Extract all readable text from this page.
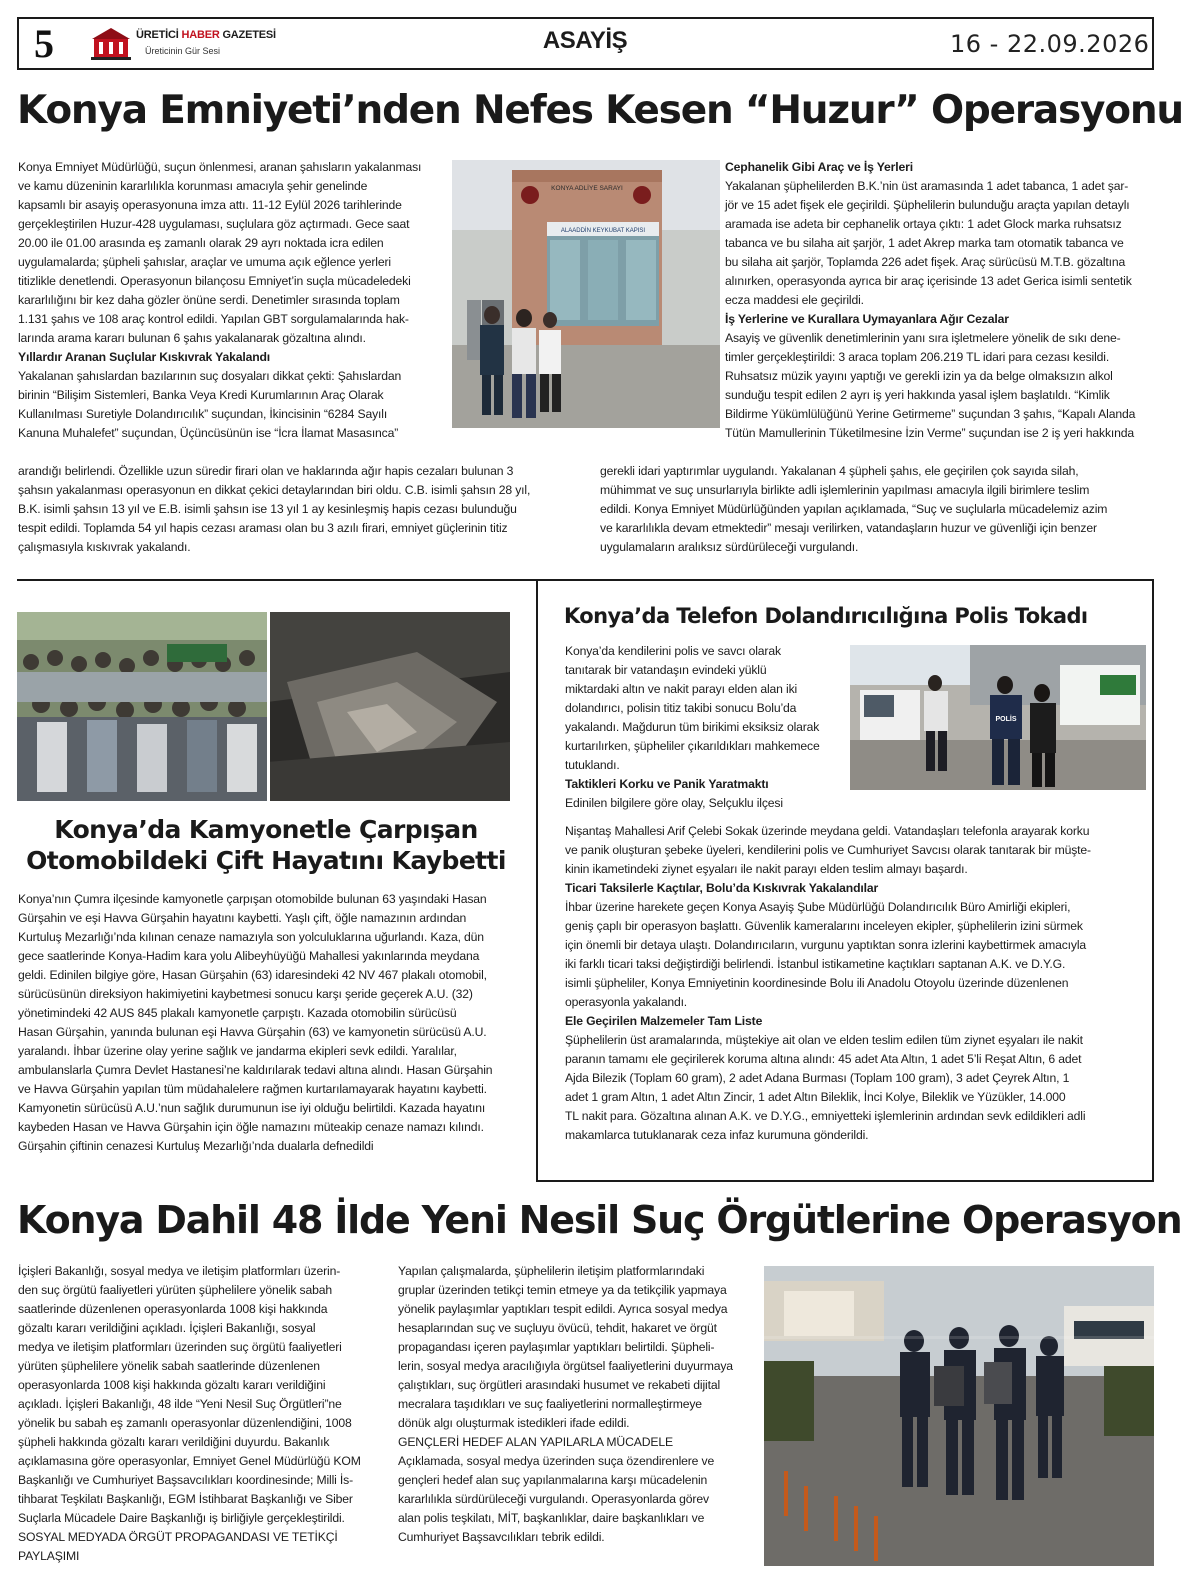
5	ÜRETİCİ HABER GAZETESİ
Üreticinin Gür Sesi	ASAYİŞ	16 - 22.09.2026
Konya Emniyeti’nden Nefes Kesen “Huzur” Operasyonu

Konya Emniyet Müdürlüğü, suçun önlenmesi, aranan şahısların yakalanması

ve kamu düzeninin kararlılıkla korunması amacıyla şehir genelinde

kapsamlı bir asayiş operasyonuna imza attı. 11-12 Eylül 2026 tarihlerinde

gerçekleştirilen Huzur-428 uygulaması, suçlulara göz açtırmadı. Gece saat

20.00 ile 01.00 arasında eş zamanlı olarak 29 ayrı noktada icra edilen

uygulamalarda; şüpheli şahıslar, araçlar ve umuma açık eğlence yerleri

titizlikle denetlendi. Operasyonun bilançosu Emniyet’in suçla mücadeledeki

kararlılığını bir kez daha gözler önüne serdi. Denetimler sırasında toplam

1.131 şahıs ve 108 araç kontrol edildi. Yapılan GBT sorgulamalarında hak-

larında arama kararı bulunan 6 şahıs yakalanarak gözaltına alındı.

Yıllardır Aranan Suçlular Kıskıvrak Yakalandı

Yakalanan şahıslardan bazılarının suç dosyaları dikkat çekti: Şahıslardan

birinin “Bilişim Sistemleri, Banka Veya Kredi Kurumlarının Araç Olarak

Kullanılması Suretiyle Dolandırıcılık” suçundan, İkincisinin “6284 Sayılı

Kanuna Muhalefet” suçundan, Üçüncüsünün ise “İcra İlamat Masasınca”

arandığı belirlendi. Özellikle uzun süredir firari olan ve haklarında ağır hapis cezaları bulunan 3

şahsın yakalanması operasyonun en dikkat çekici detaylarından biri oldu. C.B. isimli şahsın 28 yıl,

B.K. isimli şahsın 13 yıl ve E.B. isimli şahsın ise 13 yıl 1 ay kesinleşmiş hapis cezası bulunduğu

tespit edildi. Toplamda 54 yıl hapis cezası araması olan bu 3 azılı firari, emniyet güçlerinin titiz

çalışmasıyla kıskıvrak yakalandı.

KONYA ADLİYE SARAYI
ALAADDİN KEYKUBAT KAPISI
Cephanelik Gibi Araç ve İş Yerleri

Yakalanan şüphelilerden B.K.’nin üst aramasında 1 adet tabanca, 1 adet şar-

jör ve 15 adet fişek ele geçirildi. Şüphelilerin bulunduğu araçta yapılan detaylı

aramada ise adeta bir cephanelik ortaya çıktı: 1 adet Glock marka ruhsatsız

tabanca ve bu silaha ait şarjör, 1 adet Akrep marka tam otomatik tabanca ve

bu silaha ait şarjör, Toplamda 226 adet fişek. Araç sürücüsü M.T.B. gözaltına

alınırken, operasyonda ayrıca bir araç içerisinde 13 adet Gerica isimli sentetik

ecza maddesi ele geçirildi.

İş Yerlerine ve Kurallara Uymayanlara Ağır Cezalar

Asayiş ve güvenlik denetimlerinin yanı sıra işletmelere yönelik de sıkı dene-

timler gerçekleştirildi: 3 araca toplam 206.219 TL idari para cezası kesildi.

Ruhsatsız müzik yayını yaptığı ve gerekli izin ya da belge olmaksızın alkol

sunduğu tespit edilen 2 ayrı iş yeri hakkında yasal işlem başlatıldı. “Kimlik

Bildirme Yükümlülüğünü Yerine Getirmeme” suçundan 3 şahıs, “Kapalı Alanda

Tütün Mamullerinin Tüketilmesine İzin Verme” suçundan ise 2 iş yeri hakkında

gerekli idari yaptırımlar uygulandı. Yakalanan 4 şüpheli şahıs, ele geçirilen çok sayıda silah,

mühimmat ve suç unsurlarıyla birlikte adli işlemlerinin yapılması amacıyla ilgili birimlere teslim

edildi. Konya Emniyet Müdürlüğünden yapılan açıklamada, “Suç ve suçlularla mücadelemiz azim

ve kararlılıkla devam etmektedir” mesajı verilirken, vatandaşların huzur ve güvenliği için benzer

uygulamaların aralıksız sürdürüleceği vurgulandı.

Konya’da Kamyonetle Çarpışan
Otomobildeki Çift Hayatını Kaybetti

Konya’nın Çumra ilçesinde kamyonetle çarpışan otomobilde bulunan 63 yaşındaki Hasan

Gürşahin ve eşi Havva Gürşahin hayatını kaybetti. Yaşlı çift, öğle namazının ardından

Kurtuluş Mezarlığı’nda kılınan cenaze namazıyla son yolculuklarına uğurlandı. Kaza, dün

gece saatlerinde Konya-Hadim kara yolu Alibeyhüyüğü Mahallesi yakınlarında meydana

geldi. Edinilen bilgiye göre, Hasan Gürşahin (63) idaresindeki 42 NV 467 plakalı otomobil,

sürücüsünün direksiyon hakimiyetini kaybetmesi sonucu karşı şeride geçerek A.U. (32)

yönetimindeki 42 AUS 845 plakalı kamyonetle çarpıştı. Kazada otomobilin sürücüsü

Hasan Gürşahin, yanında bulunan eşi Havva Gürşahin (63) ve kamyonetin sürücüsü A.U.

yaralandı. İhbar üzerine olay yerine sağlık ve jandarma ekipleri sevk edildi. Yaralılar,

ambulanslarla Çumra Devlet Hastanesi’ne kaldırılarak tedavi altına alındı. Hasan Gürşahin

ve Havva Gürşahin yapılan tüm müdahalelere rağmen kurtarılamayarak hayatını kaybetti.

Kamyonetin sürücüsü A.U.’nun sağlık durumunun ise iyi olduğu belirtildi. Kazada hayatını

kaybeden Hasan ve Havva Gürşahin için öğle namazını müteakip cenaze namazı kılındı.

Gürşahin çiftinin cenazesi Kurtuluş Mezarlığı’nda dualarla defnedildi

Konya’da Telefon Dolandırıcılığına Polis Tokadı
POLİS

Konya’da kendilerini polis ve savcı olarak

tanıtarak bir vatandaşın evindeki yüklü

miktardaki altın ve nakit parayı elden alan iki

dolandırıcı, polisin titiz takibi sonucu Bolu’da

yakalandı. Mağdurun tüm birikimi eksiksiz olarak

kurtarılırken, şüpheliler çıkarıldıkları mahkemece

tutuklandı.

Taktikleri Korku ve Panik Yaratmaktı

Edinilen bilgilere göre olay, Selçuklu ilçesi

Nişantaş Mahallesi Arif Çelebi Sokak üzerinde meydana geldi. Vatandaşları telefonla arayarak korku

ve panik oluşturan şebeke üyeleri, kendilerini polis ve Cumhuriyet Savcısı olarak tanıtarak bir müşte-

kinin ikametindeki ziynet eşyaları ile nakit parayı elden teslim almayı başardı.

Ticari Taksilerle Kaçtılar, Bolu’da Kıskıvrak Yakalandılar

İhbar üzerine harekete geçen Konya Asayiş Şube Müdürlüğü Dolandırıcılık Büro Amirliği ekipleri,

geniş çaplı bir operasyon başlattı. Güvenlik kameralarını inceleyen ekipler, şüphelilerin izini sürmek

için önemli bir detaya ulaştı. Dolandırıcıların, vurgunu yaptıktan sonra izlerini kaybettirmek amacıyla

iki farklı ticari taksi değiştirdiği belirlendi. İstanbul istikametine kaçtıkları saptanan A.K. ve D.Y.G.

isimli şüpheliler, Konya Emniyetinin koordinesinde Bolu ili Anadolu Otoyolu üzerinde düzenlenen

operasyonla yakalandı.

Ele Geçirilen Malzemeler Tam Liste

Şüphelilerin üst aramalarında, müştekiye ait olan ve elden teslim edilen tüm ziynet eşyaları ile nakit

paranın tamamı ele geçirilerek koruma altına alındı: 45 adet Ata Altın, 1 adet 5’li Reşat Altın, 6 adet

Ajda Bilezik (Toplam 60 gram), 2 adet Adana Burması (Toplam 100 gram), 3 adet Çeyrek Altın, 1

adet 1 gram Altın, 1 adet Altın Zincir, 1 adet Altın Bileklik, İnci Kolye, Bileklik ve Yüzükler, 14.000

TL nakit para. Gözaltına alınan A.K. ve D.Y.G., emniyetteki işlemlerinin ardından sevk edildikleri adli

makamlarca tutuklanarak ceza infaz kurumuna gönderildi.

Konya Dahil 48 İlde Yeni Nesil Suç Örgütlerine Operasyon

İçişleri Bakanlığı, sosyal medya ve iletişim platformları üzerin-

den suç örgütü faaliyetleri yürüten şüphelilere yönelik sabah

saatlerinde düzenlenen operasyonlarda 1008 kişi hakkında

gözaltı kararı verildiğini açıkladı. İçişleri Bakanlığı, sosyal

medya ve iletişim platformları üzerinden suç örgütü faaliyetleri

yürüten şüphelilere yönelik sabah saatlerinde düzenlenen

operasyonlarda 1008 kişi hakkında gözaltı kararı verildiğini

açıkladı. İçişleri Bakanlığı, 48 ilde “Yeni Nesil Suç Örgütleri”ne

yönelik bu sabah eş zamanlı operasyonlar düzenlendiğini, 1008

şüpheli hakkında gözaltı kararı verildiğini duyurdu. Bakanlık

açıklamasına göre operasyonlar, Emniyet Genel Müdürlüğü KOM

Başkanlığı ve Cumhuriyet Başsavcılıkları koordinesinde; Milli İs-

tihbarat Teşkilatı Başkanlığı, EGM İstihbarat Başkanlığı ve Siber

Suçlarla Mücadele Daire Başkanlığı iş birliğiyle gerçekleştirildi.

SOSYAL MEDYADA ÖRGÜT PROPAGANDASI VE TETİKÇİ PAYLAŞIMI

Yapılan çalışmalarda, şüphelilerin iletişim platformlarındaki

gruplar üzerinden tetikçi temin etmeye ya da tetikçilik yapmaya

yönelik paylaşımlar yaptıkları tespit edildi. Ayrıca sosyal medya

hesaplarından suç ve suçluyu övücü, tehdit, hakaret ve örgüt

propagandası içeren paylaşımlar yaptıkları belirtildi. Şüpheli-

lerin, sosyal medya aracılığıyla örgütsel faaliyetlerini duyurmaya

çalıştıkları, suç örgütleri arasındaki husumet ve rekabeti dijital

mecralara taşıdıkları ve suç faaliyetlerini normalleştirmeye

dönük algı oluşturmak istedikleri ifade edildi.

GENÇLERİ HEDEF ALAN YAPILARLA MÜCADELE

Açıklamada, sosyal medya üzerinden suça özendirenlere ve

gençleri hedef alan suç yapılanmalarına karşı mücadelenin

kararlılıkla sürdürüleceği vurgulandı. Operasyonlarda görev

alan polis teşkilatı, MİT, başkanlıklar, daire başkanlıkları ve

Cumhuriyet Başsavcılıkları tebrik edildi.
